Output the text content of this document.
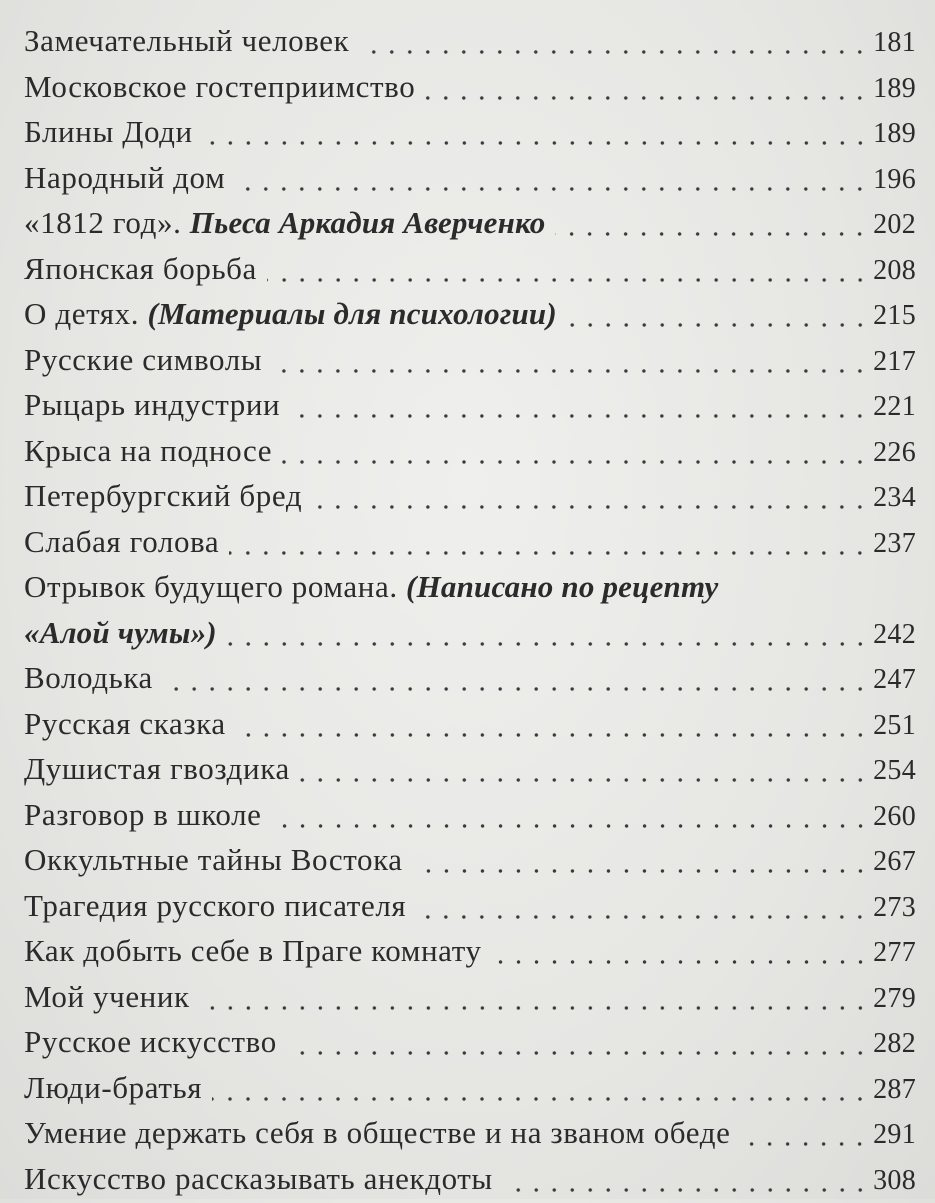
Замечательный человек	181
Московское гостеприимство	189
Блины Доди	189
Народный дом	196
«1812 год». Пьеса Аркадия Аверченко	202
Японская борьба	208
О детях. (Материалы для психологии)	215
Русские символы	217
Рыцарь индустрии	221
Крыса на подносе	226
Петербургский бред	234
Слабая голова	237
Отрывок будущего романа. (Написано по рецепту
«Алой чумы»)	242
Володька	247
Русская сказка	251
Душистая гвоздика	254
Разговор в школе	260
Оккультные тайны Востока	267
Трагедия русского писателя	273
Как добыть себе в Праге комнату	277
Мой ученик	279
Русское искусство	282
Люди-братья	287
Умение держать себя в обществе и на званом обеде	291
Искусство рассказывать анекдоты	308
